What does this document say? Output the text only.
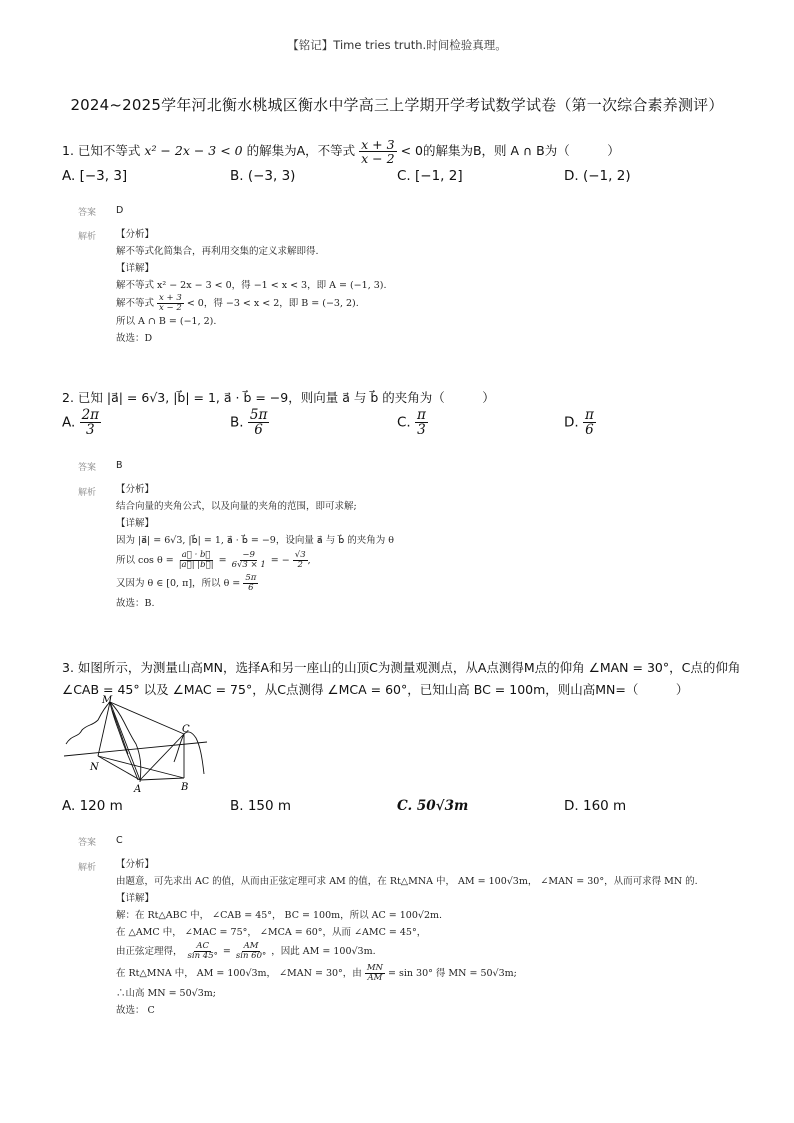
【铭记】Time tries truth.时间检验真理。
2024~2025学年河北衡水桃城区衡水中学高三上学期开学考试数学试卷（第一次综合素养测评）
1. 已知不等式 x² − 2x − 3 < 0 的解集为A，不等式 $\frac{x + 3}{x - 2} < 0$的解集为B，则 A ∩ B为（　　　）
A. [−3, 3]	B. (−3, 3)	C. [−1, 2]	D. (−1, 2)
答案 D
解析 【分析】
解不等式化简集合，再利用交集的定义求解即得.
【详解】
解不等式 x² − 2x − 3 < 0，得 −1 < x < 3，即 A = (−1, 3).
解不等式 $\frac{x + 3}{x - 2} < 0$，得 −3 < x < 2，即 B = (−3, 2).
所以 A ∩ B = (−1, 2).
故选：D
2. 已知 |a⃗| = 6√3, |b⃗| = 1, a⃗ · b⃗ = −9，则向量 a⃗ 与 b⃗ 的夹角为（　　　）
A. $\frac{2\pi}{3}$	B. $\frac{5\pi}{6}$	C. $\frac{\pi}{3}$	D. $\frac{\pi}{6}$
答案 B
解析 【分析】
结合向量的夹角公式，以及向量的夹角的范围，即可求解;
【详解】
因为 |a⃗| = 6√3, |b⃗| = 1, a⃗ · b⃗ = −9，设向量 a⃗ 与 b⃗ 的夹角为 θ
所以 $\cos \theta = \frac{a⃗ \cdot b⃗}{|a⃗| |b⃗|} = \frac{-9}{6√3 \times 1}$ = − $\frac{√3}{2}$ ,
又因为 θ ∈ [0, π]，所以 $\theta = \frac{5\pi}{6}$
故选：B.
3. 如图所示，为测量山高MN，选择A和另一座山的山顶C为测量观测点，从A点测得M点的仰角 ∠MAN = 30°，C点的仰角
∠CAB = 45° 以及 ∠MAC = 75°，从C点测得 ∠MCA = 60°，已知山高 BC = 100m，则山高MN=（　　　）
M
N
A	B
C
A. 120 m	B. 150 m	C. 50√3m	D. 160 m
答案 C
解析 【分析】
由题意，可先求出 AC 的值，从而由正弦定理可求 AM 的值，在 Rt△MNA 中， AM = 100√3m， ∠MAN = 30°，从而可求得 MN 的.
【详解】
解：在 Rt△ABC 中， ∠CAB = 45°， BC = 100m，所以 AC = 100√2m.
在 △AMC 中， ∠MAC = 75°， ∠MCA = 60°，从而 ∠AMC = 45°，
由正弦定理得， $\frac{AC}{\sin 45^\circ} = \frac{AM}{\sin 60^\circ}$ ，因此 AM = 100√3m.
在 Rt△MNA 中， AM = 100√3m， ∠MAN = 30°，由 $\frac{MN}{AM} = \sin 30^\circ$ 得 MN = 50√3m;
∴山高 MN = 50√3m;
故选： C
